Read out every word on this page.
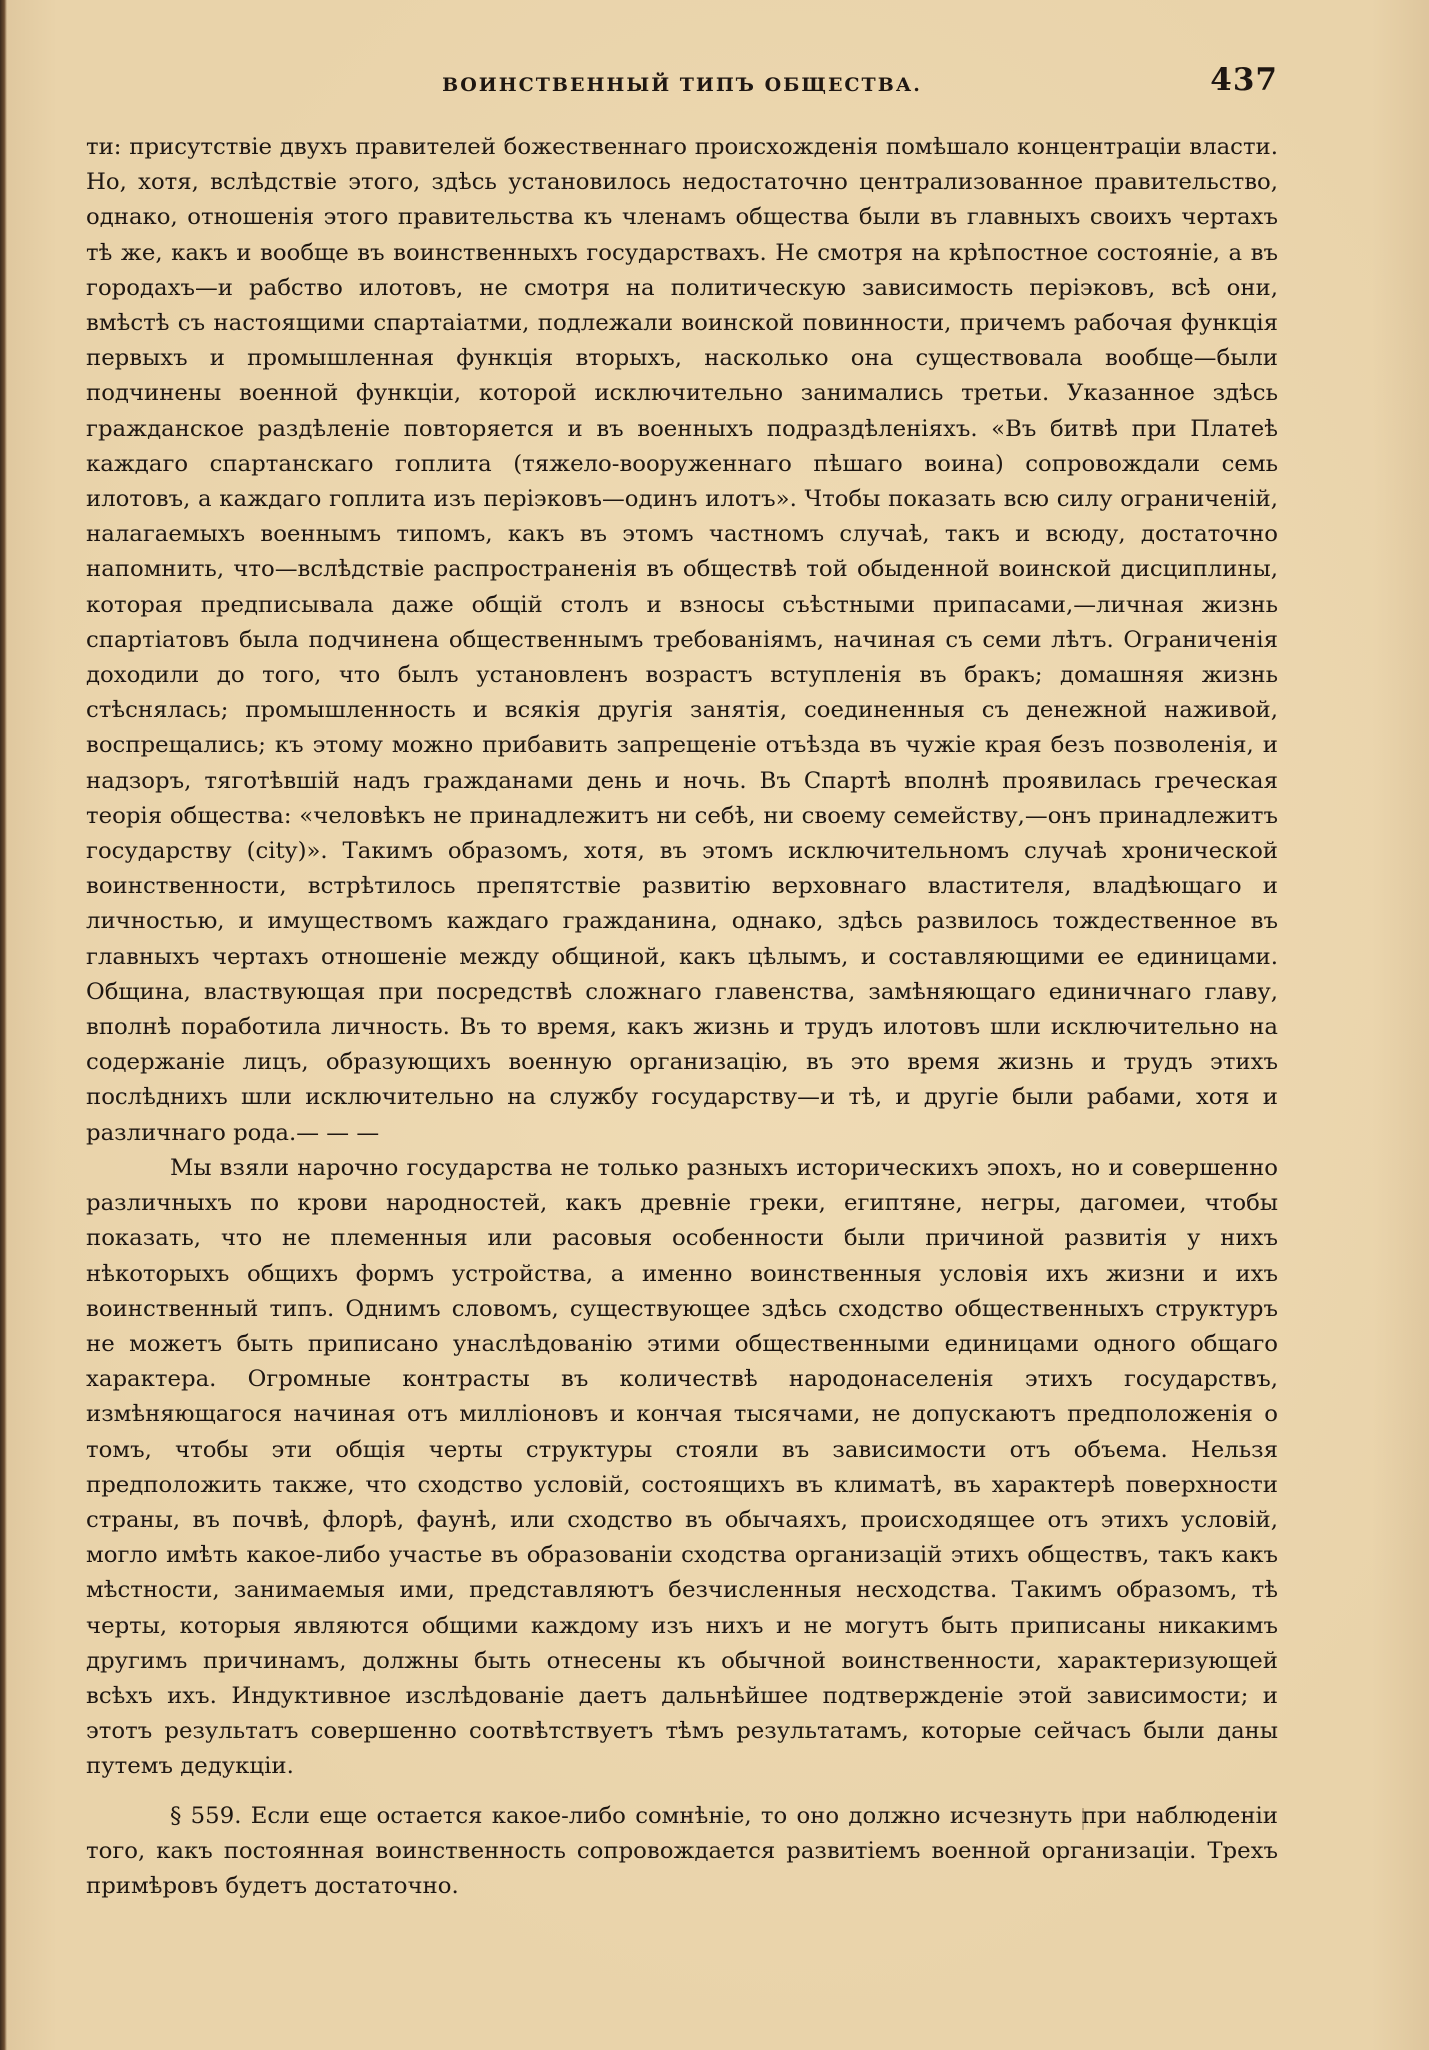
ВОИНСТВЕННЫЙ ТИПЪ ОБЩЕСТВА.	437

ти: присутствіе двухъ правителей божественнаго происхожденія помѣшало концентраціи власти. Но, хотя, вслѣдствіе этого, здѣсь установилось недостаточно централизованное правительство, однако, отношенія этого правительства къ членамъ общества были въ главныхъ своихъ чертахъ тѣ же, какъ и вообще въ воинственныхъ государствахъ. Не смотря на крѣпостное состояніе, а въ городахъ—и рабство илотовъ, не смотря на политическую зависимость періэковъ, всѣ они, вмѣстѣ съ настоящими спартаіатми, подлежали воинской повинности, причемъ рабочая функція первыхъ и промышленная функція вторыхъ, насколько она существовала вообще—были подчинены военной функціи, которой исключительно занимались третьи. Указанное здѣсь гражданское раздѣленіе повторяется и въ военныхъ подраздѣленіяхъ. «Въ битвѣ при Платеѣ каждаго спартанскаго гоплита (тяжело-вооруженнаго пѣшаго воина) сопровождали семь илотовъ, а каждаго гоплита изъ періэковъ—одинъ илотъ». Чтобы показать всю силу ограниченій, налагаемыхъ военнымъ типомъ, какъ въ этомъ частномъ случаѣ, такъ и всюду, достаточно напомнить, что—вслѣдствіе распространенія въ обществѣ той обыденной воинской дисциплины, которая предписывала даже общій столъ и взносы съѣстными припасами,—личная жизнь спартіатовъ была подчинена общественнымъ требованіямъ, начиная съ семи лѣтъ. Ограниченія доходили до того, что былъ установленъ возрастъ вступленія въ бракъ; домашняя жизнь стѣснялась; промышленность и всякія другія занятія, соединенныя съ денежной наживой, воспрещались; къ этому можно прибавить запрещеніе отъѣзда въ чужіе края безъ позволенія, и надзоръ, тяготѣвшій надъ гражданами день и ночь. Въ Спартѣ вполнѣ проявилась греческая теорія общества: «человѣкъ не принадлежитъ ни себѣ, ни своему семейству,—онъ принадлежитъ государству (city)». Такимъ образомъ, хотя, въ этомъ исключительномъ случаѣ хронической воинственности, встрѣтилось препятствіе развитію верховнаго властителя, владѣющаго и личностью, и имуществомъ каждаго гражданина, однако, здѣсь развилось тождественное въ главныхъ чертахъ отношеніе между общиной, какъ цѣлымъ, и составляющими ее единицами. Община, властвующая при посредствѣ сложнаго главенства, замѣняющаго единичнаго главу, вполнѣ поработила личность. Въ то время, какъ жизнь и трудъ илотовъ шли исключительно на содержаніе лицъ, образующихъ военную организацію, въ это время жизнь и трудъ этихъ послѣднихъ шли исключительно на службу государству—и тѣ, и другіе были рабами, хотя и различнаго рода.— — —

Мы взяли нарочно государства не только разныхъ историческихъ эпохъ, но и совершенно различныхъ по крови народностей, какъ древніе греки, египтяне, негры, дагомеи, чтобы показать, что не племенныя или расовыя особенности были причиной развитія у нихъ нѣкоторыхъ общихъ формъ устройства, а именно воинственныя условія ихъ жизни и ихъ воинственный типъ. Однимъ словомъ, существующее здѣсь сходство общественныхъ структуръ не можетъ быть приписано унаслѣдованію этими общественными единицами одного общаго характера. Огромные контрасты въ количествѣ народонаселенія этихъ государствъ, измѣняющагося начиная отъ милліоновъ и кончая тысячами, не допускаютъ предположенія о томъ, чтобы эти общія черты структуры стояли въ зависимости отъ объема. Нельзя предположить также, что сходство условій, состоящихъ въ климатѣ, въ характерѣ поверхности страны, въ почвѣ, флорѣ, фаунѣ, или сходство въ обычаяхъ, происходящее отъ этихъ условій, могло имѣть какое-либо участье въ образованіи сходства организацій этихъ обществъ, такъ какъ мѣстности, занимаемыя ими, представляютъ безчисленныя несходства. Такимъ образомъ, тѣ черты, которыя являются общими каждому изъ нихъ и не могутъ быть приписаны никакимъ другимъ причинамъ, должны быть отнесены къ обычной воинственности, характеризующей всѣхъ ихъ. Индуктивное изслѣдованіе даетъ дальнѣйшее подтвержденіе этой зависимости; и этотъ результатъ совершенно соотвѣтствуетъ тѣмъ результатамъ, которые сейчасъ были даны путемъ дедукціи.

§ 559. Если еще остается какое-либо сомнѣніе, то оно должно исчезнуть при наблюденіи того, какъ постоянная воинственность сопровождается развитіемъ военной организаціи. Трехъ примѣровъ будетъ достаточно.
